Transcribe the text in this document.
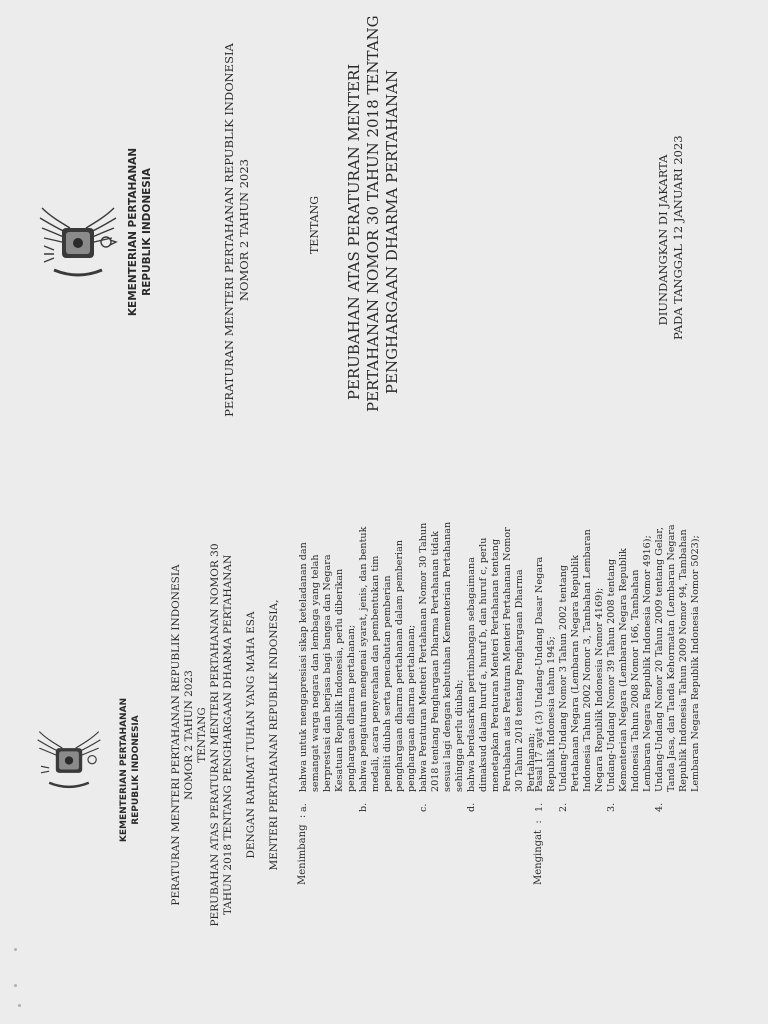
KEMENTERIAN PERTAHANAN REPUBLIK INDONESIA	PERATURAN MENTERI PERTAHANAN REPUBLIK INDONESIA NOMOR 2 TAHUN 2023	TENTANG PERUBAHAN ATAS PERATURAN MENTERI PERTAHANAN NOMOR 30 TAHUN 2018 TENTANG PENGHARGAAN DHARMA PERTAHANAN	DIUNDANGKAN DI JAKARTA PADA TANGGAL 12 JANUARI 2023
KEMENTERIAN PERTAHANAN REPUBLIK INDONESIA	PERATURAN MENTERI PERTAHANAN REPUBLIK INDONESIA NOMOR 2 TAHUN 2023 TENTANG PERUBAHAN ATAS PERATURAN MENTERI PERTAHANAN NOMOR 30 TAHUN 2018 TENTANG PENGHARGAAN DHARMA PERTAHANAN DENGAN RAHMAT TUHAN YANG MAHA ESA MENTERI PERTAHANAN REPUBLIK INDONESIA, Menimbang  :
a.
bahwa untuk mengapresiasi sikap keteladanan dan semangat warga negara dan lembaga yang telah berprestasi dan berjasa bagi bangsa dan Negara Kesatuan Republik Indonesia, perlu diberikan penghargaan dharma pertahanan;
b.
bahwa pengaturan mengenai syarat, jenis, dan bentuk medali, acara penyerahan dan pembentukan tim peneliti diubah serta pencabutan pemberian penghargaan dharma pertahanan dalam pemberian penghargaan dharma pertahanan;
c.
bahwa Peraturan Menteri Pertahanan Nomor 30 Tahun 2018 tentang Penghargaan Dharma Pertahanan tidak sesuai lagi dengan kebutuhan Kementerian Pertahanan sehingga perlu diubah;
d.
bahwa berdasarkan pertimbangan sebagaimana dimaksud dalam huruf a, huruf b, dan huruf c, perlu menetapkan Peraturan Menteri Pertahanan tentang Perubahan atas Peraturan Menteri Pertahanan Nomor 30 Tahun 2018 tentang Penghargaan Dharma Pertahanan;
Mengingat  :
1.
Pasal 17 ayat (3) Undang-Undang Dasar Negara Republik Indonesia tahun 1945;
2.
Undang-Undang Nomor 3 Tahun 2002 tentang Pertahanan Negara (Lembaran Negara Republik Indonesia Tahun 2002 Nomor 3, Tambahan Lembaran Negara Republik Indonesia Nomor 4169);
3.
Undang-Undang Nomor 39 Tahun 2008 tentang Kementerian Negara (Lembaran Negara Republik Indonesia Tahun 2008 Nomor 166, Tambahan Lembaran Negara Republik Indonesia Nomor 4916);
4.
Undang-Undang Nomor 20 Tahun 2009 tentang Gelar, Tanda Jasa, dan Tanda Kehormatan (Lembaran Negara Republik Indonesia Tahun 2009 Nomor 94, Tambahan Lembaran Negara Republik Indonesia Nomor 5023);
